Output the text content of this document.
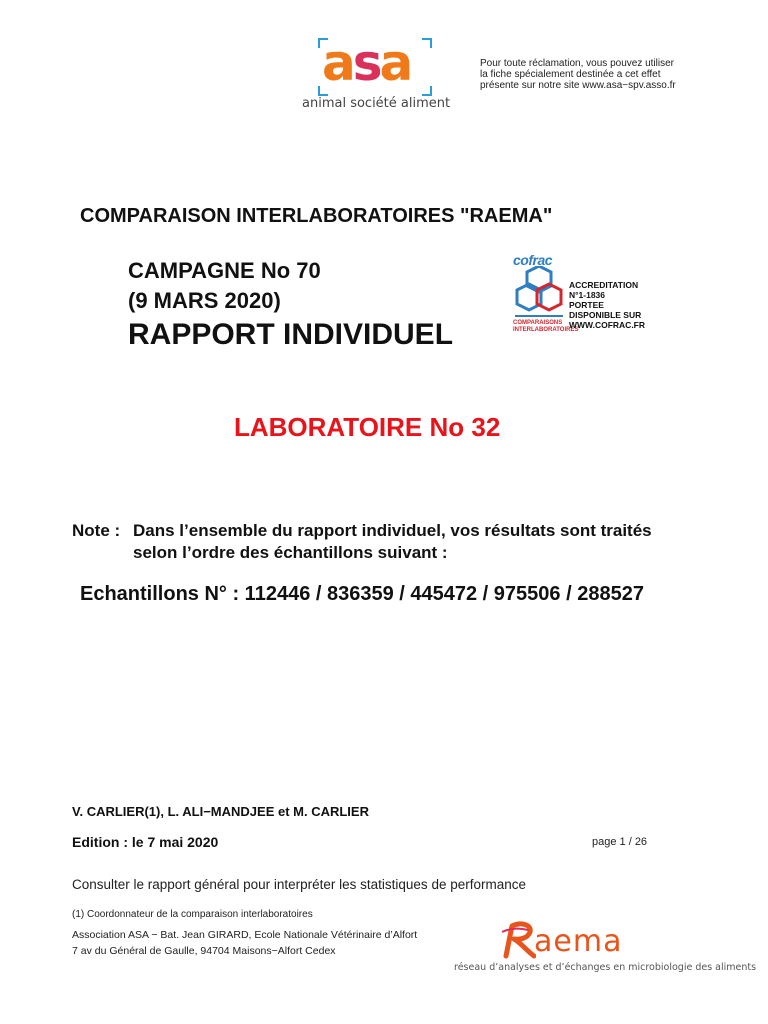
asa
animal société aliment
Pour toute réclamation, vous pouvez utiliser
la fiche spécialement destinée a cet effet
présente sur notre site www.asa−spv.asso.fr
COMPARAISON INTERLABORATOIRES "RAEMA"
CAMPAGNE No 70
(9 MARS 2020)
RAPPORT INDIVIDUEL
cofrac
COMPARAISONS
INTERLABORATOIRES
ACCREDITATION
N°1-1836
PORTEE
DISPONIBLE SUR
WWW.COFRAC.FR
LABORATOIRE No 32
Note : Dans l’ensemble du rapport individuel, vos résultats sont traités
selon l’ordre des échantillons suivant :
Echantillons N° : 112446 / 836359 / 445472 / 975506 / 288527
V. CARLIER(1), L. ALI−MANDJEE et M. CARLIER
Edition : le 7 mai 2020	page 1 / 26
Consulter le rapport général pour interpréter les statistiques de performance
(1) Coordonnateur de la comparaison interlaboratoires
Association ASA − Bat. Jean GIRARD, Ecole Nationale Vétérinaire d’Alfort
7 av du Général de Gaulle, 94704 Maisons−Alfort Cedex	aema
réseau d’analyses et d’échanges en microbiologie des aliments
